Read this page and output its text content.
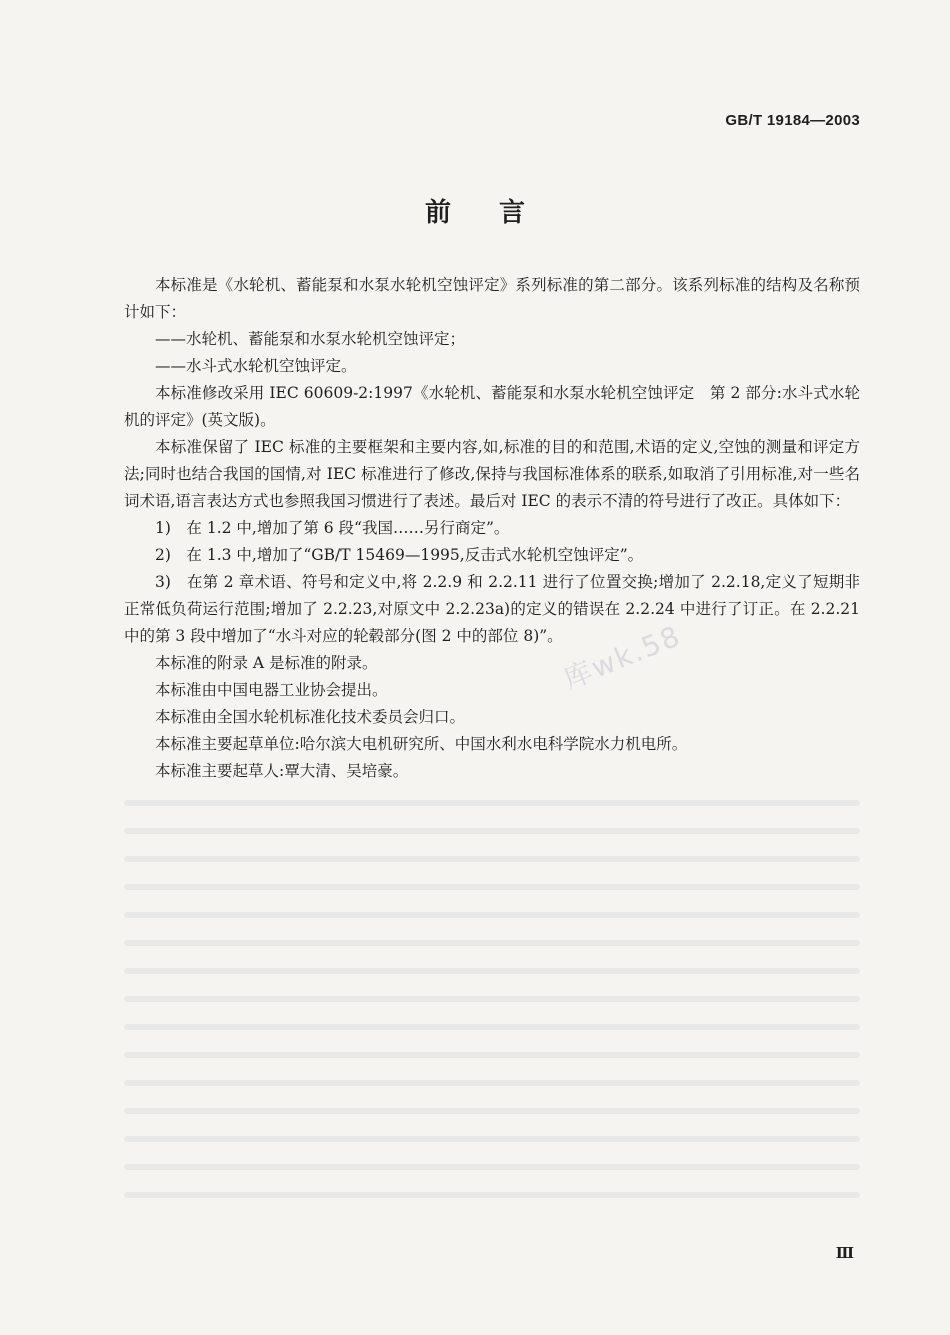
GB/T 19184—2003
前言

本标准是《水轮机、蓄能泵和水泵水轮机空蚀评定》系列标准的第二部分。该系列标准的结构及名称预计如下：

——水轮机、蓄能泵和水泵水轮机空蚀评定；

——水斗式水轮机空蚀评定。

本标准修改采用 IEC 60609-2:1997《水轮机、蓄能泵和水泵水轮机空蚀评定　第 2 部分:水斗式水轮机的评定》(英文版)。

本标准保留了 IEC 标准的主要框架和主要内容,如,标准的目的和范围,术语的定义,空蚀的测量和评定方法;同时也结合我国的国情,对 IEC 标准进行了修改,保持与我国标准体系的联系,如取消了引用标准,对一些名词术语,语言表达方式也参照我国习惯进行了表述。最后对 IEC 的表示不清的符号进行了改正。具体如下：

1)　在 1.2 中,增加了第 6 段“我国……另行商定”。

2)　在 1.3 中,增加了“GB/T 15469—1995,反击式水轮机空蚀评定”。

3)　在第 2 章术语、符号和定义中,将 2.2.9 和 2.2.11 进行了位置交换;增加了 2.2.18,定义了短期非正常低负荷运行范围;增加了 2.2.23,对原文中 2.2.23a)的定义的错误在 2.2.24 中进行了订正。在 2.2.21 中的第 3 段中增加了“水斗对应的轮毂部分(图 2 中的部位 8)”。

本标准的附录 A 是标准的附录。

本标准由中国电器工业协会提出。

本标准由全国水轮机标准化技术委员会归口。

本标准主要起草单位:哈尔滨大电机研究所、中国水利水电科学院水力机电所。

本标准主要起草人:覃大清、吴培豪。

库wk.58
Ⅲ
